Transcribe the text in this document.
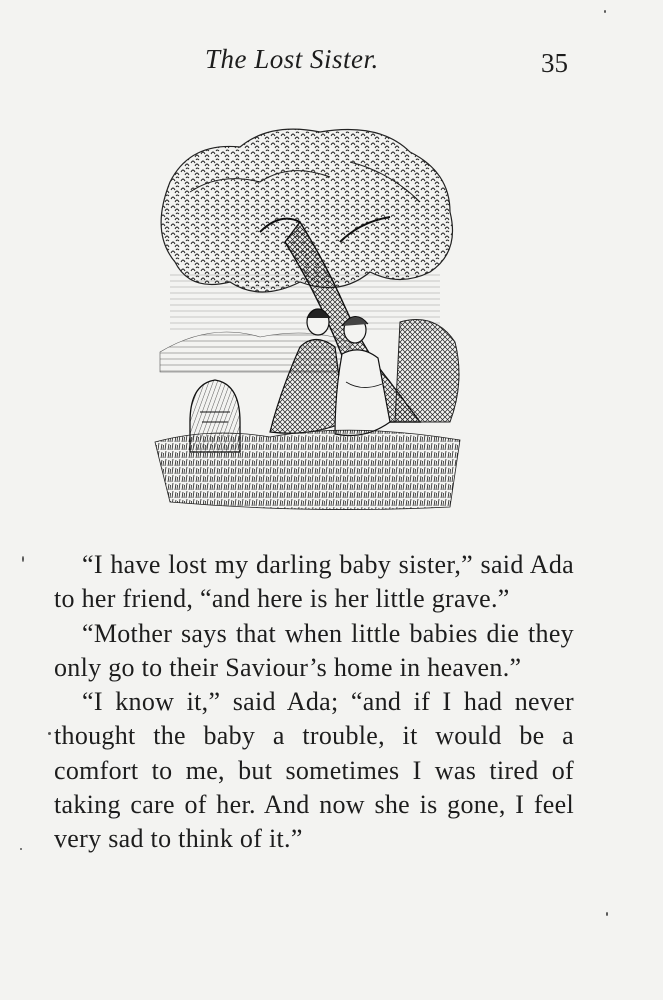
The Lost Sister.	35

“I have lost my darling baby sister,” said Ada to her friend, “and here is her little grave.”

“Mother says that when little babies die they only go to their Saviour’s home in heaven.”

“I know it,” said Ada; “and if I had never thought the baby a trouble, it would be a comfort to me, but sometimes I was tired of taking care of her. And now she is gone, I feel very sad to think of it.”
